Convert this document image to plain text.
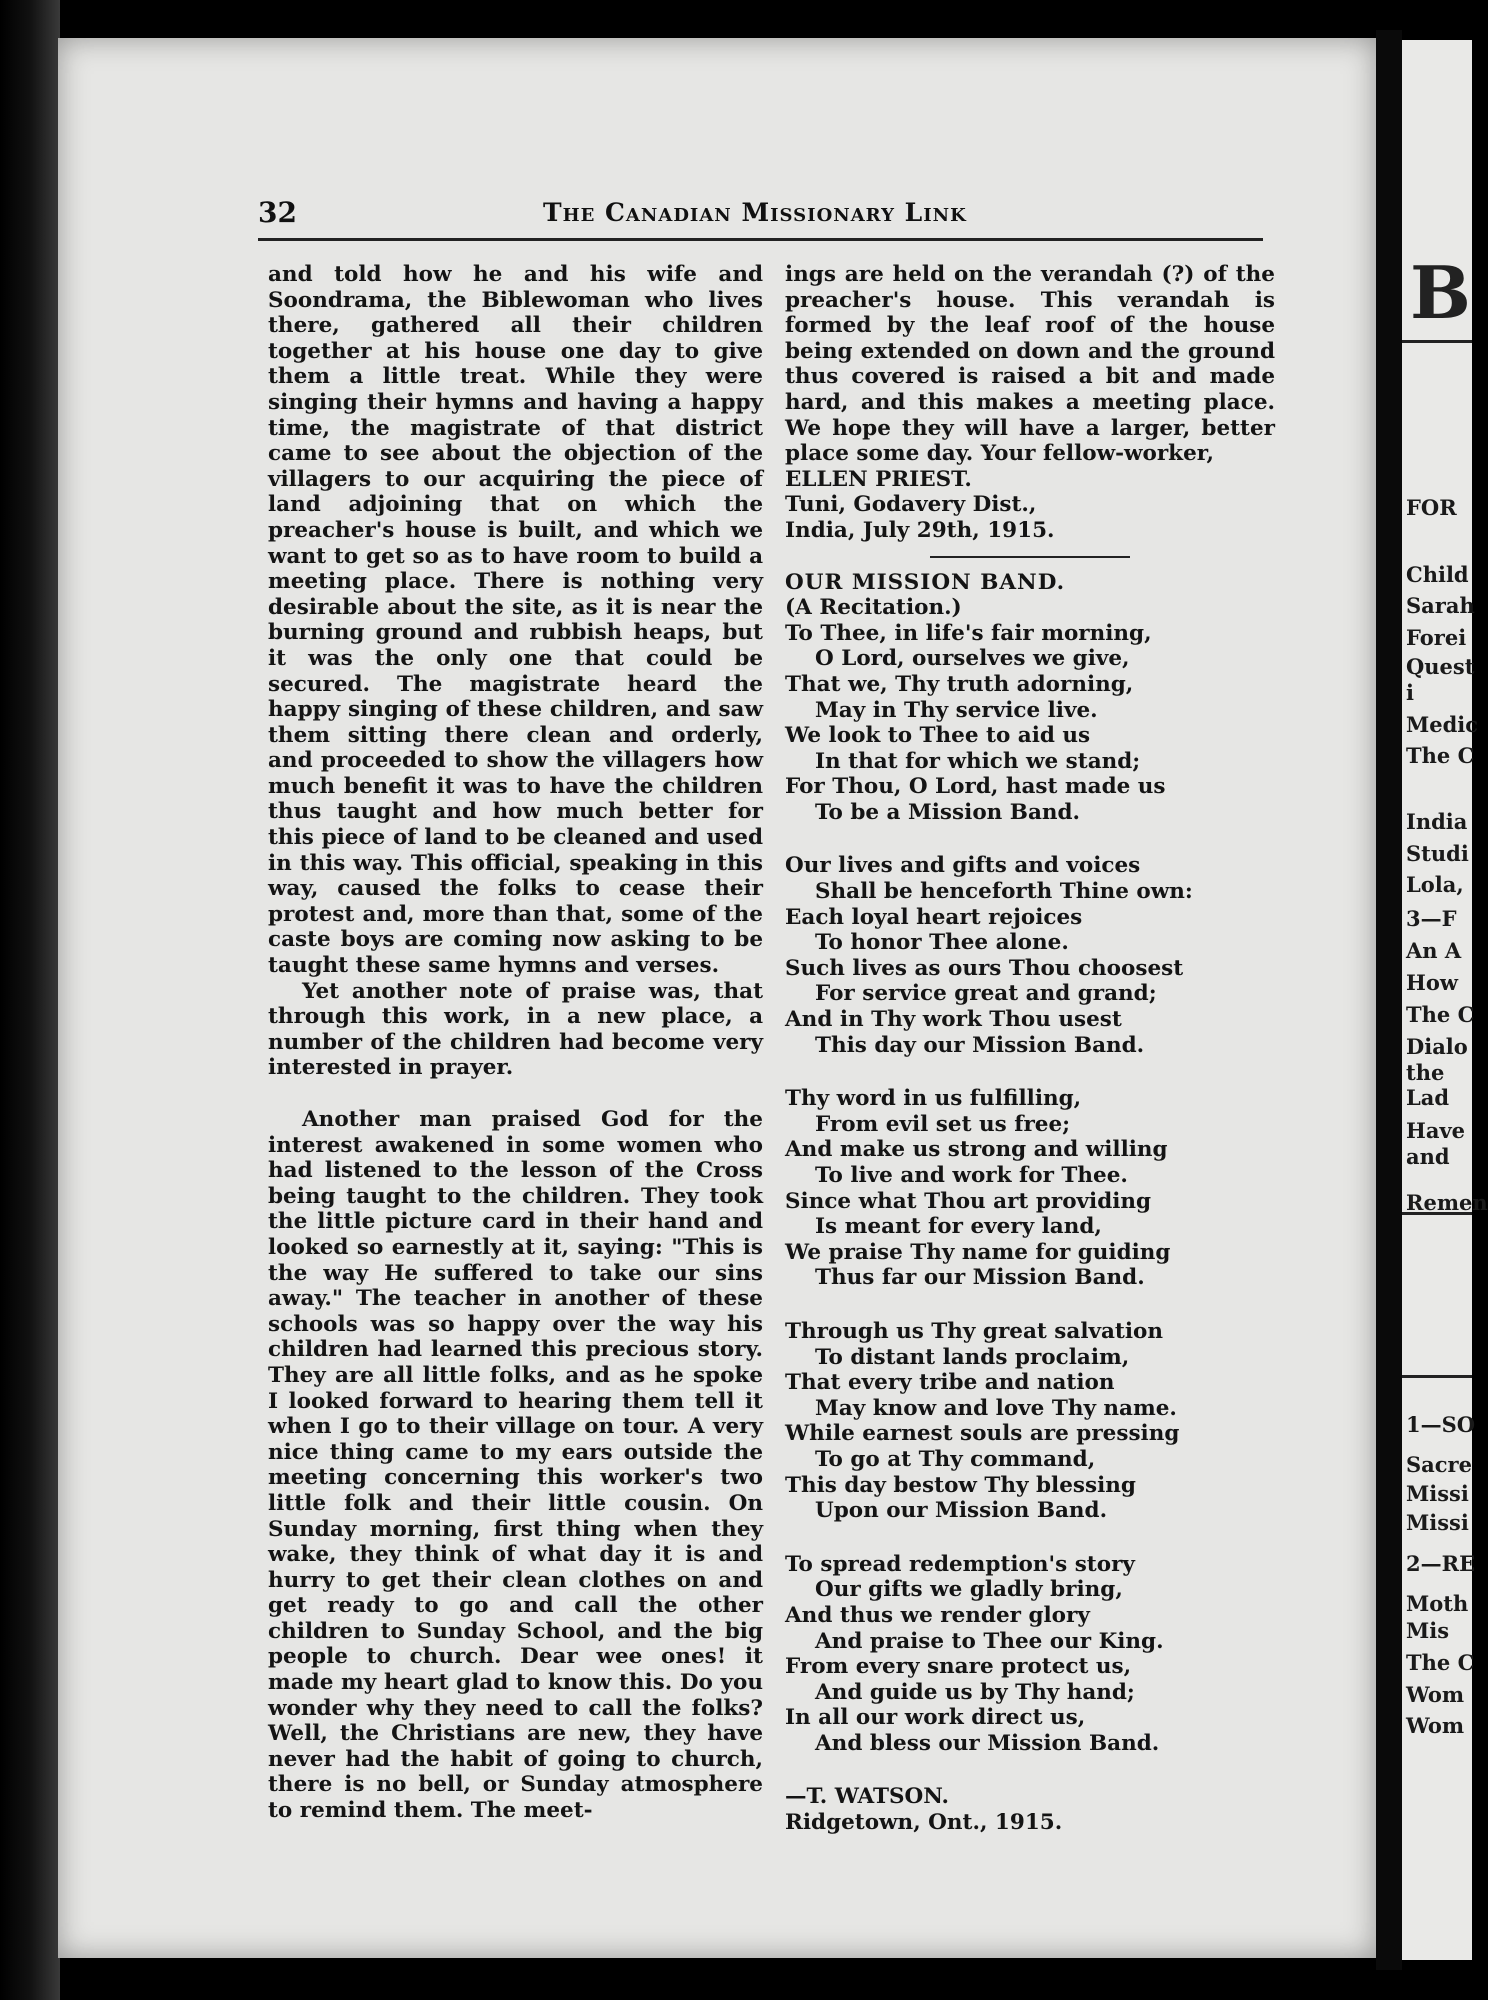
B
FOR
Child
Sarah
Forei
Quest
i
Medic
The C
India
Studi
Lola,
3—F
An A
How
The C
Dialo
the
Lad
Have
and
Remen
1—SO
Sacre
Missi
Missi
2—RE
Moth
Mis
The C
Wom
Wom
32	The Canadian Missionary Link

and told how he and his wife and Soondrama, the Biblewoman who lives there, gathered all their children together at his house one day to give them a little treat. While they were singing their hymns and having a happy time, the magistrate of that district came to see about the objection of the villagers to our acquiring the piece of land adjoining that on which the preacher's house is built, and which we want to get so as to have room to build a meeting place. There is nothing very desirable about the site, as it is near the burning ground and rubbish heaps, but it was the only one that could be secured. The magistrate heard the happy singing of these children, and saw them sitting there clean and orderly, and proceeded to show the villagers how much benefit it was to have the children thus taught and how much better for this piece of land to be cleaned and used in this way. This official, speaking in this way, caused the folks to cease their protest and, more than that, some of the caste boys are coming now asking to be taught these same hymns and verses.

Yet another note of praise was, that through this work, in a new place, a number of the children had become very interested in prayer.

Another man praised God for the interest awakened in some women who had listened to the lesson of the Cross being taught to the children. They took the little picture card in their hand and looked so earnestly at it, saying: "This is the way He suffered to take our sins away." The teacher in another of these schools was so happy over the way his children had learned this precious story. They are all little folks, and as he spoke I looked forward to hearing them tell it when I go to their village on tour. A very nice thing came to my ears outside the meeting concerning this worker's two little folk and their little cousin. On Sunday morning, first thing when they wake, they think of what day it is and hurry to get their clean clothes on and get ready to go and call the other children to Sunday School, and the big people to church. Dear wee ones! it made my heart glad to know this. Do you wonder why they need to call the folks? Well, the Christians are new, they have never had the habit of going to church, there is no bell, or Sunday atmosphere to remind them. The meet-

ings are held on the verandah (?) of the preacher's house. This verandah is formed by the leaf roof of the house being extended on down and the ground thus covered is raised a bit and made hard, and this makes a meeting place. We hope they will have a larger, better place some day. Your fellow-worker,

ELLEN PRIEST.

Tuni, Godavery Dist.,

India, July 29th, 1915.

OUR MISSION BAND.

(A Recitation.)

To Thee, in life's fair morning,

O Lord, ourselves we give,

That we, Thy truth adorning,

May in Thy service live.

We look to Thee to aid us

In that for which we stand;

For Thou, O Lord, hast made us

To be a Mission Band.

Our lives and gifts and voices

Shall be henceforth Thine own:

Each loyal heart rejoices

To honor Thee alone.

Such lives as ours Thou choosest

For service great and grand;

And in Thy work Thou usest

This day our Mission Band.

Thy word in us fulfilling,

From evil set us free;

And make us strong and willing

To live and work for Thee.

Since what Thou art providing

Is meant for every land,

We praise Thy name for guiding

Thus far our Mission Band.

Through us Thy great salvation

To distant lands proclaim,

That every tribe and nation

May know and love Thy name.

While earnest souls are pressing

To go at Thy command,

This day bestow Thy blessing

Upon our Mission Band.

To spread redemption's story

Our gifts we gladly bring,

And thus we render glory

And praise to Thee our King.

From every snare protect us,

And guide us by Thy hand;

In all our work direct us,

And bless our Mission Band.

—T. WATSON.

Ridgetown, Ont., 1915.
